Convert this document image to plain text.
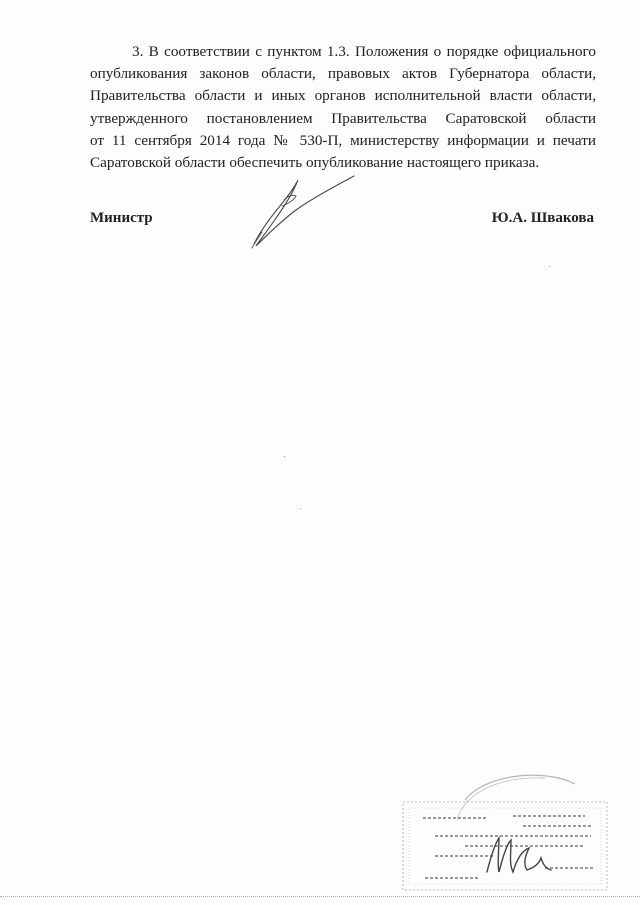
3. В соответствии с пунктом 1.3. Положения о порядке официального
опубликования законов области, правовых актов Губернатора области,
Правительства области и иных органов исполнительной власти области,
утвержденного постановлением Правительства Саратовской области
от 11 сентября 2014 года № 530-П, министерству информации и печати
Саратовской области обеспечить опубликование настоящего приказа.

Министр	Ю.А. Швакова
